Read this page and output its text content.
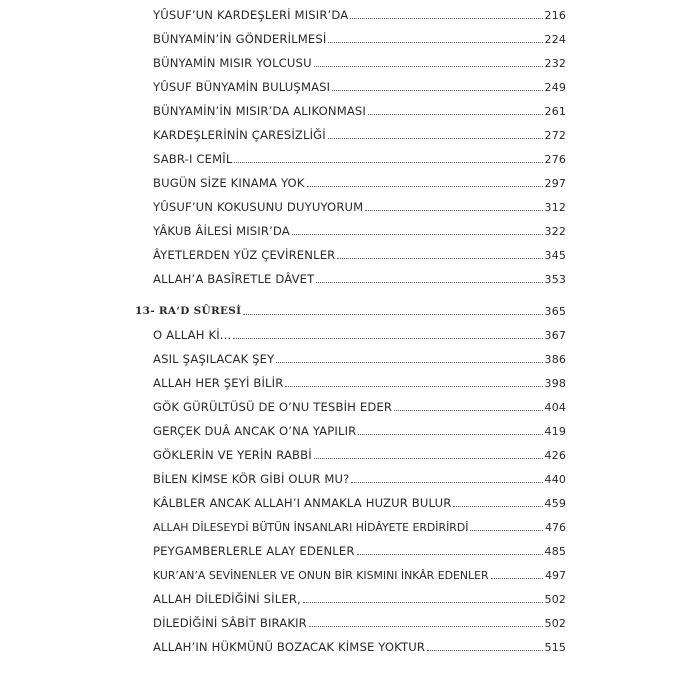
YÛSUF’UN KARDEŞLERİ MISIR’DA	216
BÜNYAMİN’İN GÖNDERİLMESİ	224
BÜNYAMİN MISIR YOLCUSU	232
YÛSUF BÜNYAMİN BULUŞMASI	249
BÜNYAMİN’İN MISIR’DA ALIKONMASI	261
KARDEŞLERİNİN ÇARESİZLİĞİ	272
SABR-I CEMÎL	276
BUGÜN SİZE KINAMA YOK	297
YÛSUF’UN KOKUSUNU DUYUYORUM	312
YÂKUB ÂİLESİ MISIR’DA	322
ÂYETLERDEN YÜZ ÇEVİRENLER	345
ALLAH’A BASÎRETLE DÂVET	353
13- RA‘D SÛRESİ	365
O ALLAH Kİ...	367
ASIL ŞAŞILACAK ŞEY	386
ALLAH HER ŞEYİ BİLİR	398
GÖK GÜRÜLTÜSÜ DE O’NU TESBİH EDER	404
GERÇEK DUÂ ANCAK O’NA YAPILIR	419
GÖKLERİN VE YERİN RABBİ	426
BİLEN KİMSE KÖR GİBİ OLUR MU?	440
KÂLBLER ANCAK ALLAH’I ANMAKLA HUZUR BULUR	459
ALLAH DİLESEYDİ BÜTÜN İNSANLARI HİDÂYETE ERDİRİRDİ	476
PEYGAMBERLERLE ALAY EDENLER	485
KUR’AN’A SEVİNENLER VE ONUN BİR KISMINI İNKÂR EDENLER	497
ALLAH DİLEDİĞİNİ SİLER,	502
DİLEDİĞİNİ SÂBİT BIRAKIR	502
ALLAH’IN HÜKMÜNÜ BOZACAK KİMSE YOKTUR	515
